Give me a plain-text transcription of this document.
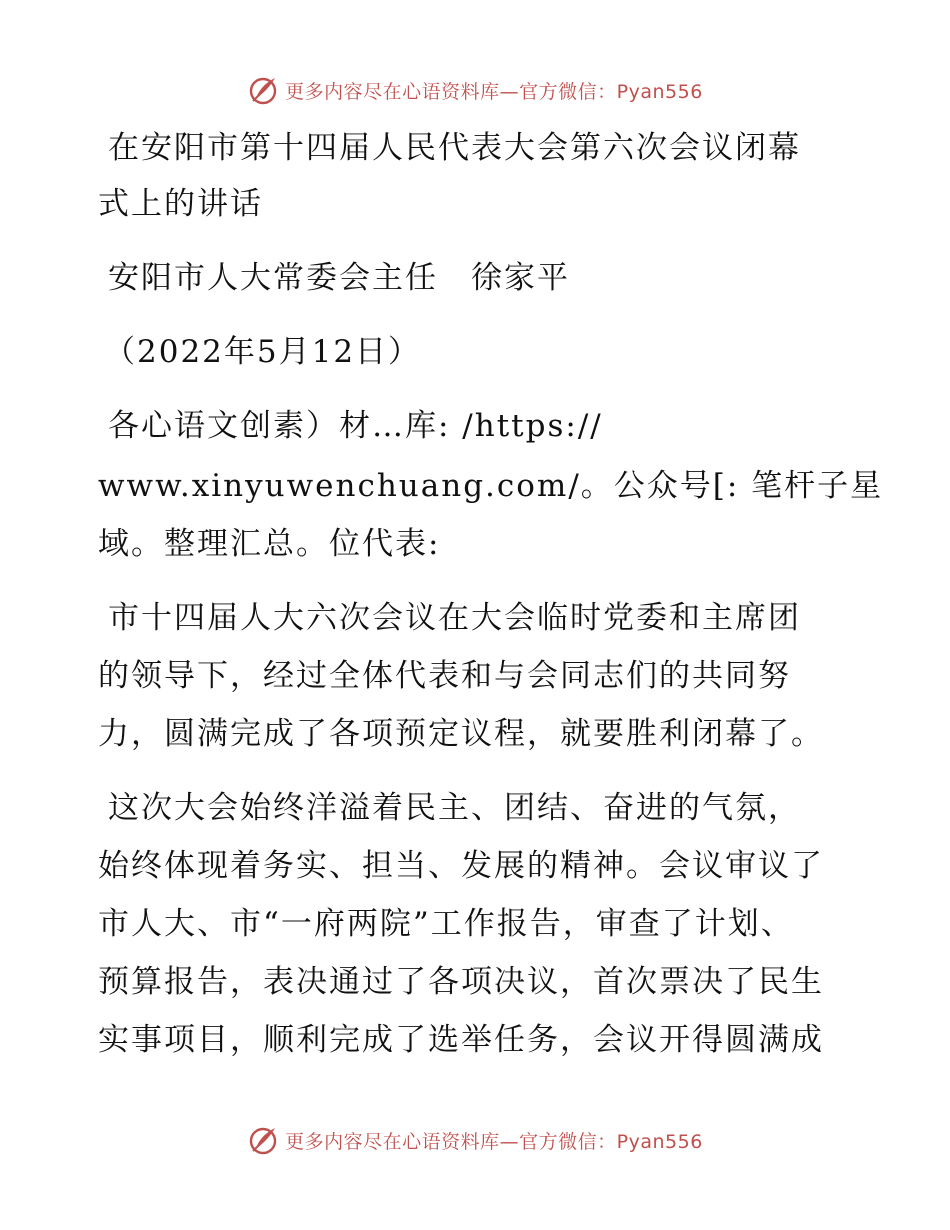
更多内容尽在心语资料库—官方微信：Pyan556
在安阳市第十四届人民代表大会第六次会议闭幕
式上的讲话
安阳市人大常委会主任　徐家平
（2022年5月12日）
各心语文创素）材…库: /https://
www.xinyuwenchuang.com/。公众号[: 笔杆子星
域。整理汇总。位代表:
市十四届人大六次会议在大会临时党委和主席团
的领导下，经过全体代表和与会同志们的共同努
力，圆满完成了各项预定议程，就要胜利闭幕了。
这次大会始终洋溢着民主、团结、奋进的气氛，
始终体现着务实、担当、发展的精神。会议审议了
市人大、市“一府两院”工作报告，审查了计划、
预算报告，表决通过了各项决议，首次票决了民生
实事项目，顺利完成了选举任务，会议开得圆满成
更多内容尽在心语资料库—官方微信：Pyan556
